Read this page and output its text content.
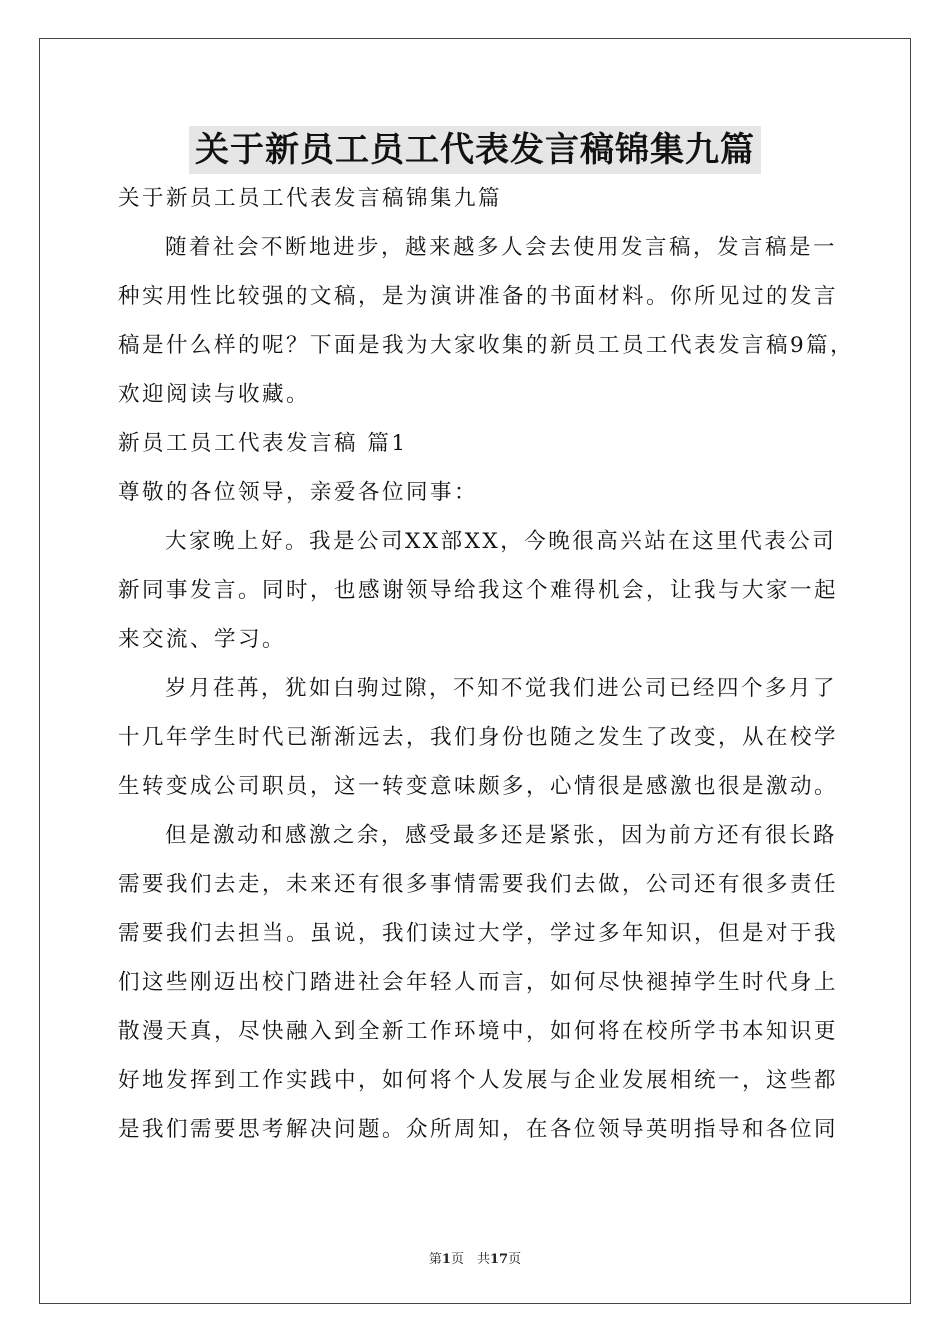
关于新员工员工代表发言稿锦集九篇
关于新员工员工代表发言稿锦集九篇
随着社会不断地进步，越来越多人会去使用发言稿，发言稿是一
种实用性比较强的文稿，是为演讲准备的书面材料。你所见过的发言
稿是什么样的呢？下面是我为大家收集的新员工员工代表发言稿9篇，
欢迎阅读与收藏。
新员工员工代表发言稿 篇1
尊敬的各位领导，亲爱各位同事：
大家晚上好。我是公司XX部XX，今晚很高兴站在这里代表公司
新同事发言。同时，也感谢领导给我这个难得机会，让我与大家一起
来交流、学习。
岁月荏苒，犹如白驹过隙，不知不觉我们进公司已经四个多月了
十几年学生时代已渐渐远去，我们身份也随之发生了改变，从在校学
生转变成公司职员，这一转变意味颇多，心情很是感激也很是激动。
但是激动和感激之余，感受最多还是紧张，因为前方还有很长路
需要我们去走，未来还有很多事情需要我们去做，公司还有很多责任
需要我们去担当。虽说，我们读过大学，学过多年知识，但是对于我
们这些刚迈出校门踏进社会年轻人而言，如何尽快褪掉学生时代身上
散漫天真，尽快融入到全新工作环境中，如何将在校所学书本知识更
好地发挥到工作实践中，如何将个人发展与企业发展相统一，这些都
是我们需要思考解决问题。众所周知，在各位领导英明指导和各位同
第1页　共17页
